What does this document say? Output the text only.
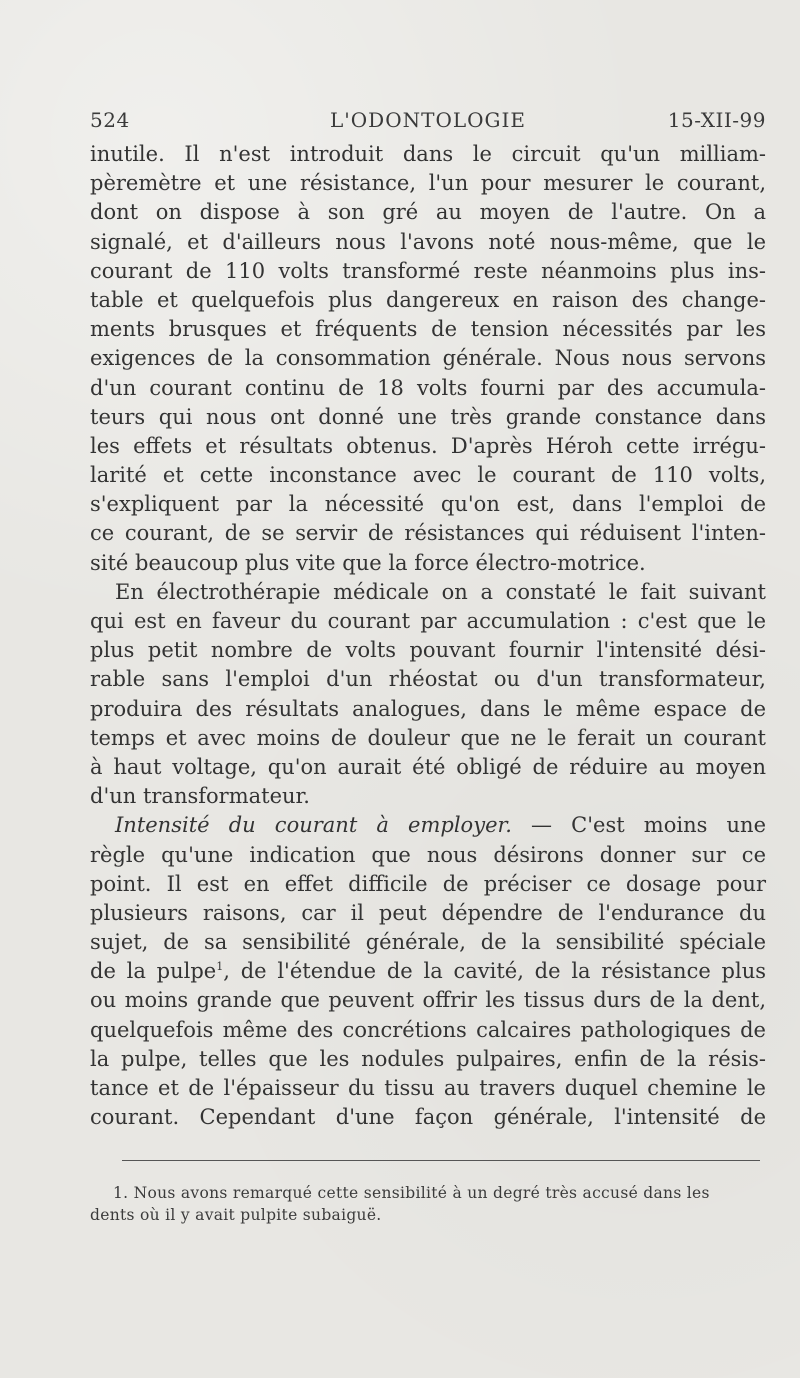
524	L'ODONTOLOGIE	15-XII-99
inutile. Il n'est introduit dans le circuit qu'un milliam-
pèremètre et une résistance, l'un pour mesurer le courant,
dont on dispose à son gré au moyen de l'autre. On a
signalé, et d'ailleurs nous l'avons noté nous-même, que le
courant de 110 volts transformé reste néanmoins plus ins-
table et quelquefois plus dangereux en raison des change-
ments brusques et fréquents de tension nécessités par les
exigences de la consommation générale. Nous nous servons
d'un courant continu de 18 volts fourni par des accumula-
teurs qui nous ont donné une très grande constance dans
les effets et résultats obtenus. D'après Héroh cette irrégu-
larité et cette inconstance avec le courant de 110 volts,
s'expliquent par la nécessité qu'on est, dans l'emploi de
ce courant, de se servir de résistances qui réduisent l'inten-
sité beaucoup plus vite que la force électro-motrice.
En électrothérapie médicale on a constaté le fait suivant
qui est en faveur du courant par accumulation : c'est que le
plus petit nombre de volts pouvant fournir l'intensité dési-
rable sans l'emploi d'un rhéostat ou d'un transformateur,
produira des résultats analogues, dans le même espace de
temps et avec moins de douleur que ne le ferait un courant
à haut voltage, qu'on aurait été obligé de réduire au moyen
d'un transformateur.
Intensité du courant à employer. — C'est moins une
règle qu'une indication que nous désirons donner sur ce
point. Il est en effet difficile de préciser ce dosage pour
plusieurs raisons, car il peut dépendre de l'endurance du
sujet, de sa sensibilité générale, de la sensibilité spéciale
de la pulpe$^1$, de l'étendue de la cavité, de la résistance plus
ou moins grande que peuvent offrir les tissus durs de la dent,
quelquefois même des concrétions calcaires pathologiques de
la pulpe, telles que les nodules pulpaires, enfin de la résis-
tance et de l'épaisseur du tissu au travers duquel chemine le
courant. Cependant d'une façon générale, l'intensité de
1. Nous avons remarqué cette sensibilité à un degré très accusé dans les
dents où il y avait pulpite subaiguë.
